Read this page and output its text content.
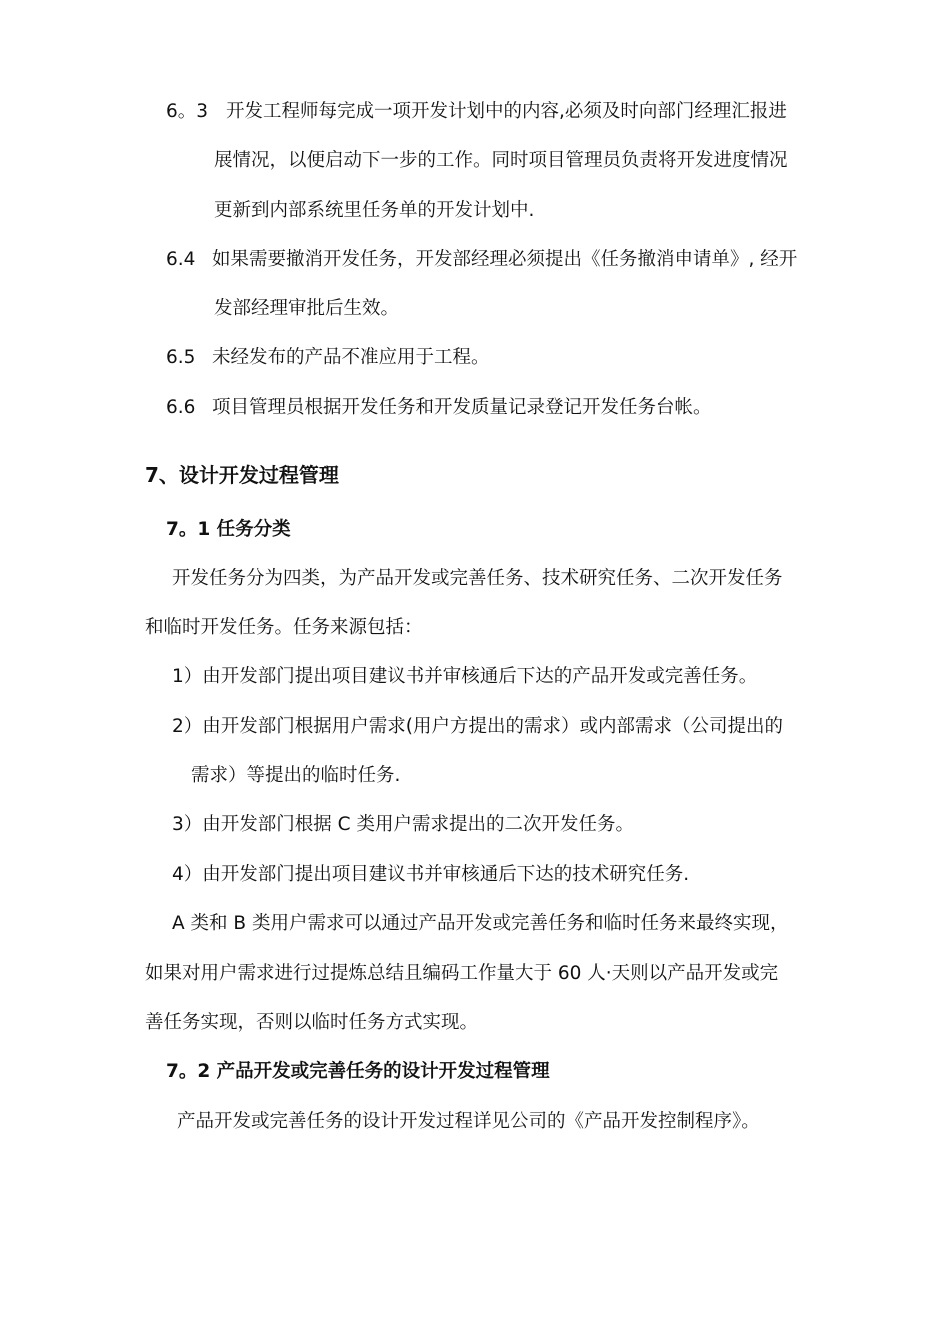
6。3 开发工程师每完成一项开发计划中的内容,必须及时向部门经理汇报进
展情况，以便启动下一步的工作。同时项目管理员负责将开发进度情况
更新到内部系统里任务单的开发计划中.
6.4 如果需要撤消开发任务，开发部经理必须提出《任务撤消申请单》, 经开
发部经理审批后生效。
6.5 未经发布的产品不准应用于工程。
6.6 项目管理员根据开发任务和开发质量记录登记开发任务台帐。
7、设计开发过程管理
7。1 任务分类
开发任务分为四类，为产品开发或完善任务、技术研究任务、二次开发任务
和临时开发任务。任务来源包括：
1）由开发部门提出项目建议书并审核通后下达的产品开发或完善任务。
2）由开发部门根据用户需求(用户方提出的需求）或内部需求（公司提出的
需求）等提出的临时任务.
3）由开发部门根据 C 类用户需求提出的二次开发任务。
4）由开发部门提出项目建议书并审核通后下达的技术研究任务.
A 类和 B 类用户需求可以通过产品开发或完善任务和临时任务来最终实现，
如果对用户需求进行过提炼总结且编码工作量大于 60 人·天则以产品开发或完
善任务实现，否则以临时任务方式实现。
7。2 产品开发或完善任务的设计开发过程管理
产品开发或完善任务的设计开发过程详见公司的《产品开发控制程序》。
